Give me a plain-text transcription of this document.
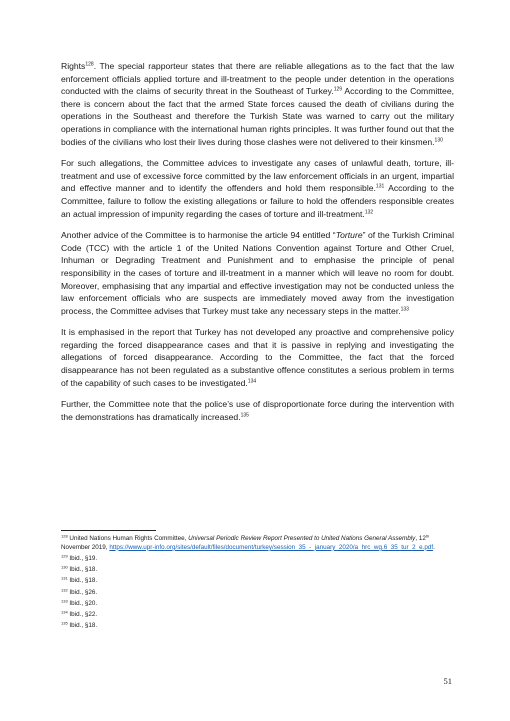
Rights$^{128}$. The special rapporteur states that there are reliable allegations as to the fact that the law enforcement officials applied torture and ill-treatment to the people under detention in the operations conducted with the claims of security threat in the Southeast of Turkey.$^{129}$ According to the Committee, there is concern about the fact that the armed State forces caused the death of civilians during the operations in the Southeast and therefore the Turkish State was warned to carry out the military operations in compliance with the international human rights principles. It was further found out that the bodies of the civilians who lost their lives during those clashes were not delivered to their kinsmen.$^{130}$

For such allegations, the Committee advices to investigate any cases of unlawful death, torture, ill-treatment and use of excessive force committed by the law enforcement officials in an urgent, impartial and effective manner and to identify the offenders and hold them responsible.$^{131}$ According to the Committee, failure to follow the existing allegations or failure to hold the offenders responsible creates an actual impression of impunity regarding the cases of torture and ill-treatment.$^{132}$

Another advice of the Committee is to harmonise the article 94 entitled “Torture” of the Turkish Criminal Code (TCC) with the article 1 of the United Nations Convention against Torture and Other Cruel, Inhuman or Degrading Treatment and Punishment and to emphasise the principle of penal responsibility in the cases of torture and ill-treatment in a manner which will leave no room for doubt. Moreover, emphasising that any impartial and effective investigation may not be conducted unless the law enforcement officials who are suspects are immediately moved away from the investigation process, the Committee advises that Turkey must take any necessary steps in the matter.$^{133}$

It is emphasised in the report that Turkey has not developed any proactive and comprehensive policy regarding the forced disappearance cases and that it is passive in replying and investigating the allegations of forced disappearance. According to the Committee, the fact that the forced disappearance has not been regulated as a substantive offence constitutes a serious problem in terms of the capability of such cases to be investigated.$^{134}$

Further, the Committee note that the police’s use of disproportionate force during the intervention with the demonstrations has dramatically increased.$^{135}$

$^{128}$ United Nations Human Rights Committee, Universal Periodic Review Report Presented to United Nations General Assembly, 12th November 2019, https://www.upr-info.org/sites/default/files/document/turkey/session_35_-_january_2020/a_hrc_wg.6_35_tur_2_e.pdf.
$^{129}$ Ibid., §19.
$^{130}$ Ibid., §18.
$^{131}$ Ibid., §18.
$^{132}$ Ibid., §26.
$^{133}$ Ibid., §20.
$^{134}$ Ibid., §22.
$^{135}$ Ibid., §18.
51
